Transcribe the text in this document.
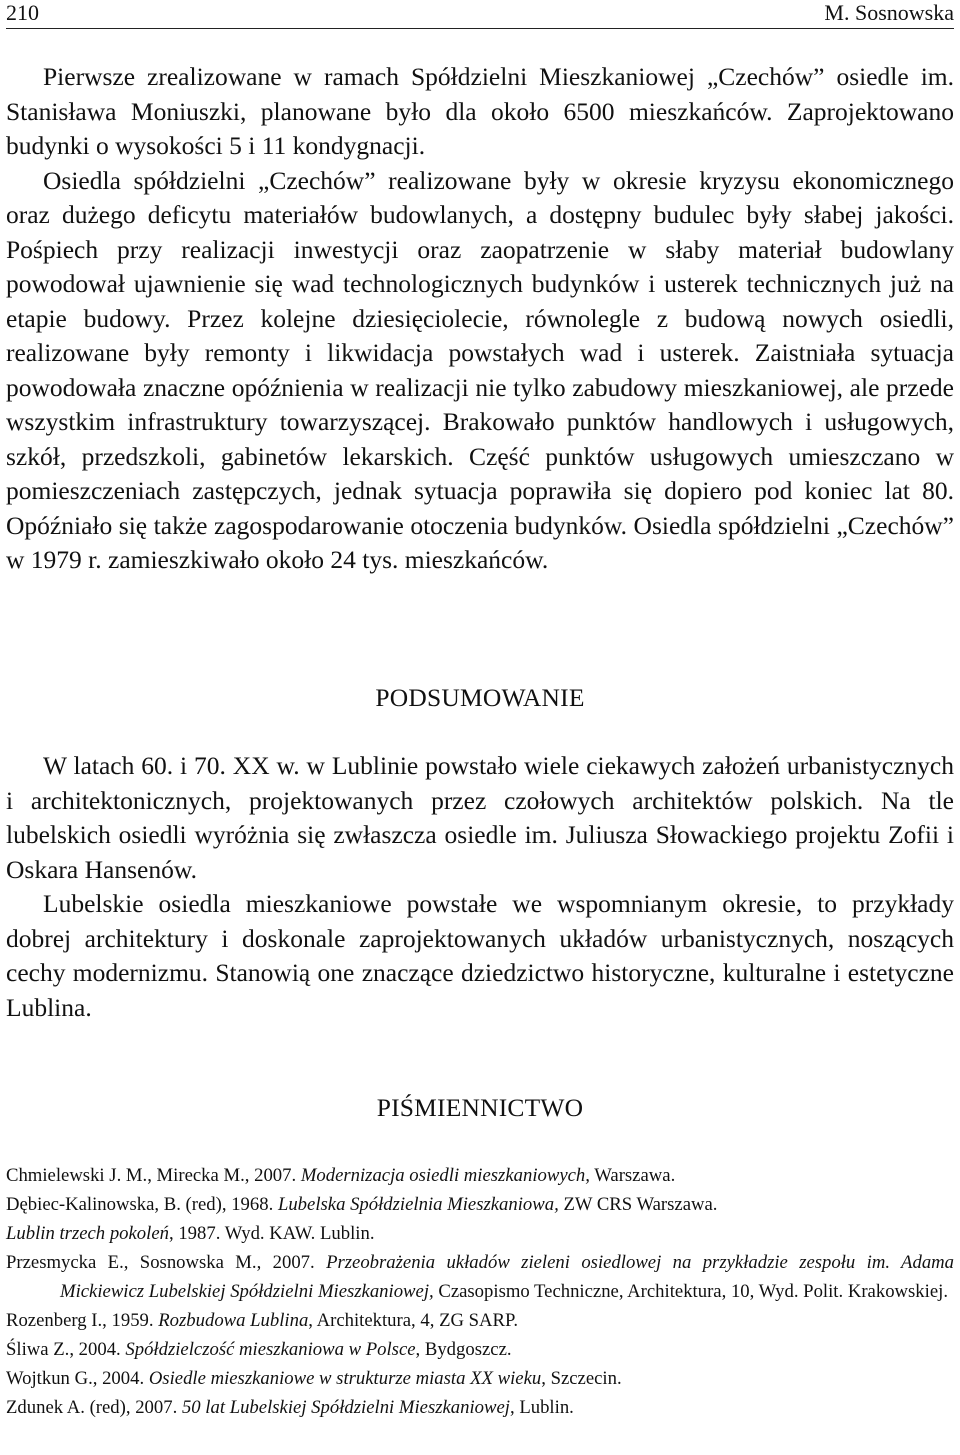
210	M. Sosnowska

Pierwsze zrealizowane w ramach Spółdzielni Mieszkaniowej „Czechów” osiedle im. Stanisława Moniuszki, planowane było dla około 6500 mieszkańców. Zaprojektowano budynki o wysokości 5 i 11 kondygnacji.

Osiedla spółdzielni „Czechów” realizowane były w okresie kryzysu ekonomicznego oraz dużego deficytu materiałów budowlanych, a dostępny budulec były słabej jakości. Pośpiech przy realizacji inwestycji oraz zaopatrzenie w słaby materiał budowlany powodował ujawnienie się wad technologicznych budynków i usterek technicznych już na etapie budowy. Przez kolejne dziesięciolecie, równolegle z budową nowych osiedli, realizowane były remonty i likwidacja powstałych wad i usterek. Zaistniała sytuacja powodowała znaczne opóźnienia w realizacji nie tylko zabudowy mieszkaniowej, ale przede wszystkim infrastruktury towarzyszącej. Brakowało punktów handlowych i usługowych, szkół, przedszkoli, gabinetów lekarskich. Część punktów usługowych umieszczano w pomieszczeniach zastępczych, jednak sytuacja poprawiła się dopiero pod koniec lat 80. Opóźniało się także zagospodarowanie otoczenia budynków. Osiedla spółdzielni „Czechów” w 1979 r. zamieszkiwało około 24 tys. mieszkańców.

PODSUMOWANIE

W latach 60. i 70. XX w. w Lublinie powstało wiele ciekawych założeń urbanistycznych i architektonicznych, projektowanych przez czołowych architektów polskich. Na tle lubelskich osiedli wyróżnia się zwłaszcza osiedle im. Juliusza Słowackiego projektu Zofii i Oskara Hansenów.

Lubelskie osiedla mieszkaniowe powstałe we wspomnianym okresie, to przykłady dobrej architektury i doskonale zaprojektowanych układów urbanistycznych, noszących cechy modernizmu. Stanowią one znaczące dziedzictwo historyczne, kulturalne i estetyczne Lublina.

PIŚMIENNICTWO

Chmielewski J. M., Mirecka M., 2007. Modernizacja osiedli mieszkaniowych, Warszawa.

Dębiec-Kalinowska, B. (red), 1968. Lubelska Spółdzielnia Mieszkaniowa, ZW CRS Warszawa.

Lublin trzech pokoleń, 1987. Wyd. KAW. Lublin.

Przesmycka E., Sosnowska M., 2007. Przeobrażenia układów zieleni osiedlowej na przykładzie zespołu im. Adama Mickiewicz Lubelskiej Spółdzielni Mieszkaniowej, Czasopismo Techniczne, Architektura, 10, Wyd. Polit. Krakowskiej.

Rozenberg I., 1959. Rozbudowa Lublina, Architektura, 4, ZG SARP.

Śliwa Z., 2004. Spółdzielczość mieszkaniowa w Polsce, Bydgoszcz.

Wojtkun G., 2004. Osiedle mieszkaniowe w strukturze miasta XX wieku, Szczecin.

Zdunek A. (red), 2007. 50 lat Lubelskiej Spółdzielni Mieszkaniowej, Lublin.
